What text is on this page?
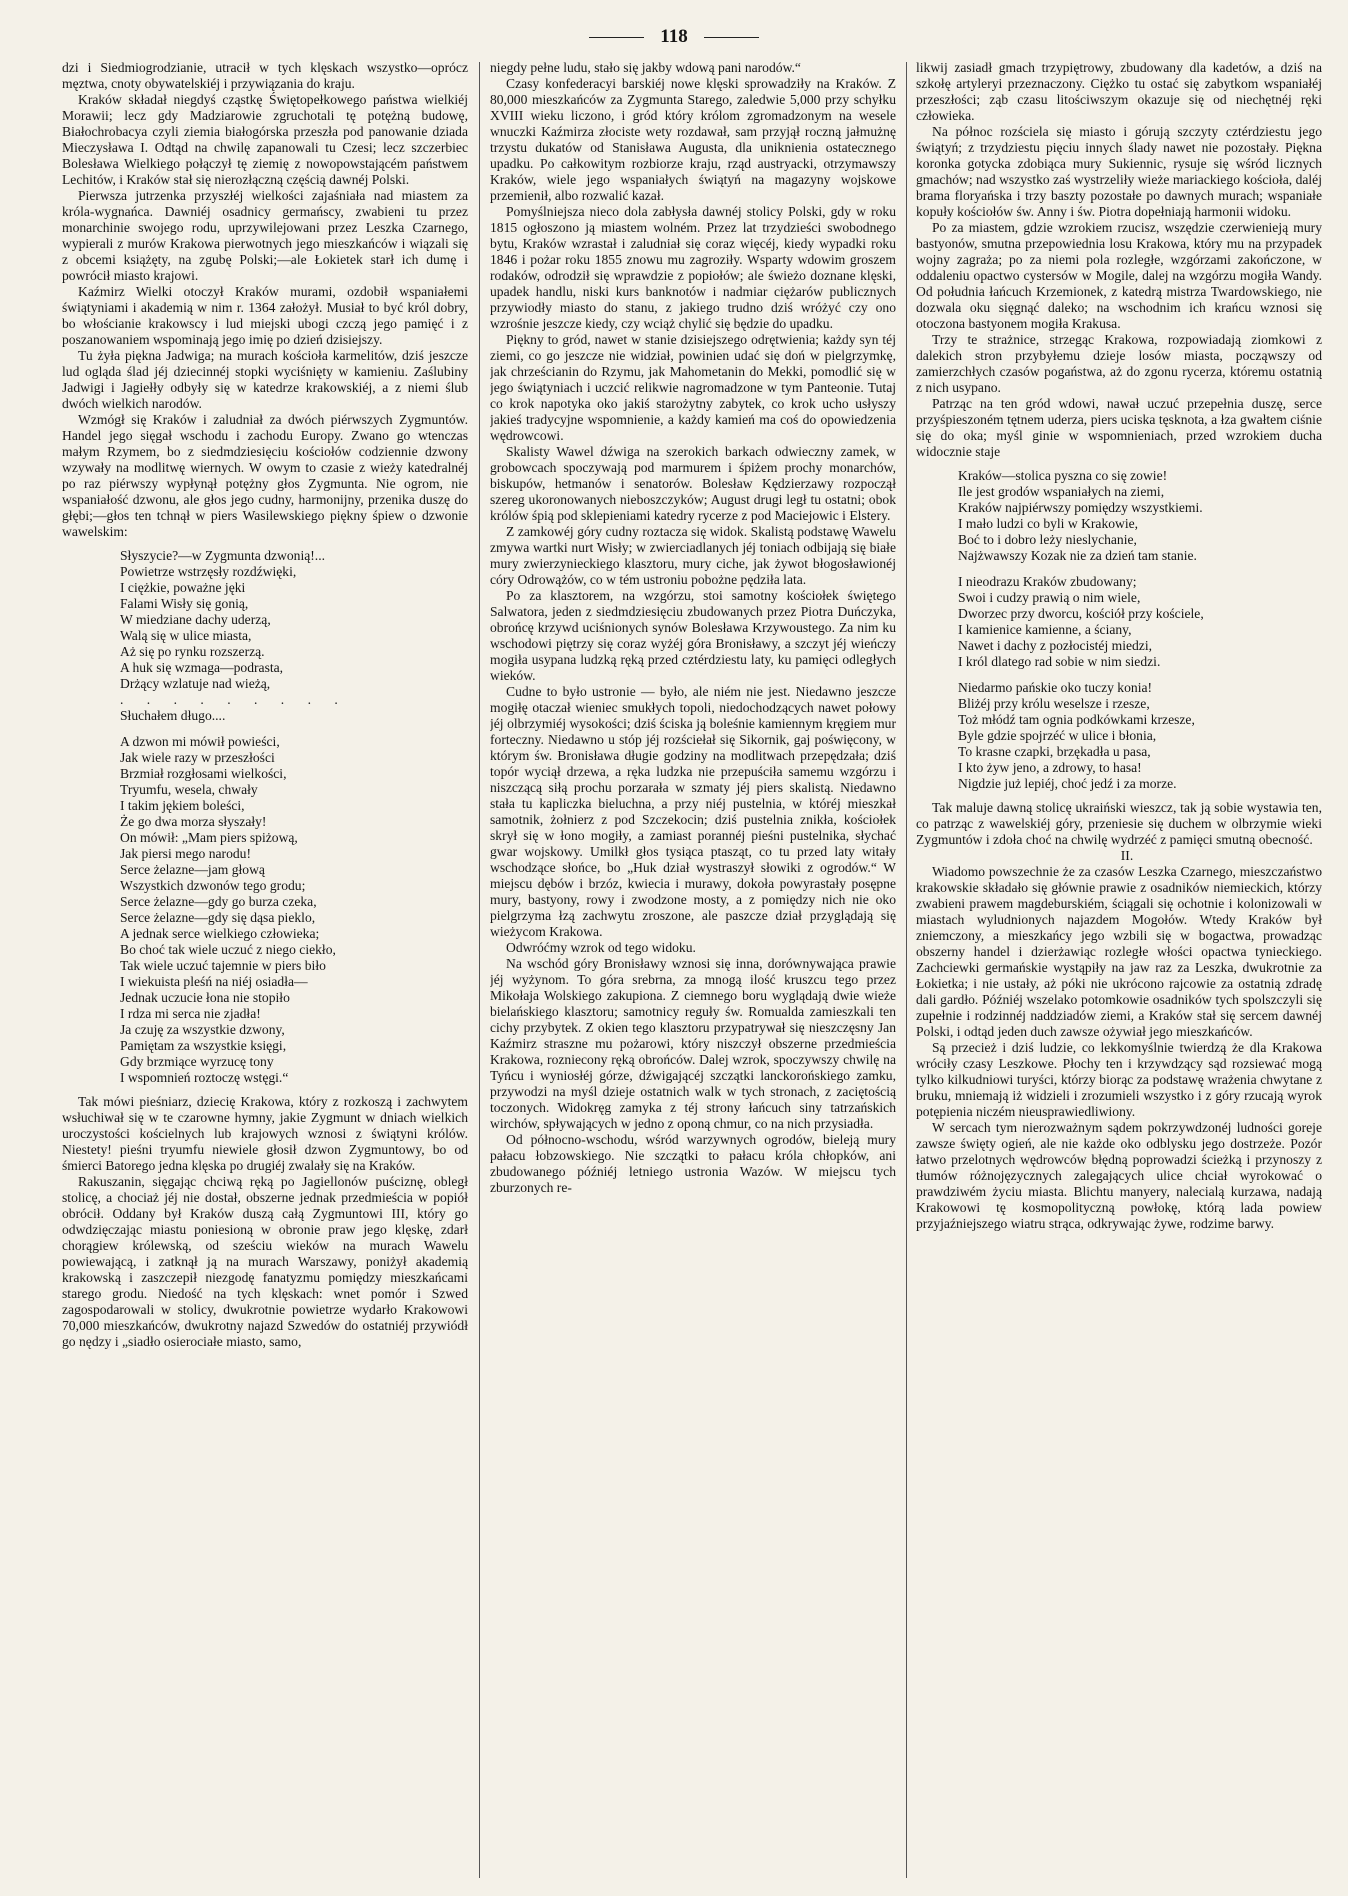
118

dzi i Siedmiogrodzianie, utracił w tych klęskach wszystko—oprócz męztwa, cnoty obywatelskiéj i przywiązania do kraju.

Kraków składał niegdyś cząstkę Świętopełkowego państwa wielkiéj Morawii; lecz gdy Madziarowie zgruchotali tę potężną budowę, Białochrobacya czyli ziemia białogórska przeszła pod panowanie dziada Mieczysława I. Odtąd na chwilę zapanowali tu Czesi; lecz szczerbiec Bolesława Wielkiego połączył tę ziemię z nowopowstającém państwem Lechitów, i Kraków stał się nierozłączną częścią dawnéj Polski.

Pierwsza jutrzenka przyszłéj wielkości zajaśniała nad miastem za króla-wygnańca. Dawniéj osadnicy germańscy, zwabieni tu przez monarchinie swojego rodu, uprzywilejowani przez Leszka Czarnego, wypierali z murów Krakowa pierwotnych jego mieszkańców i wiązali się z obcemi książęty, na zgubę Polski;—ale Łokietek starł ich dumę i powrócił miasto krajowi.

Kaźmirz Wielki otoczył Kraków murami, ozdobił wspaniałemi świątyniami i akademią w nim r. 1364 założył. Musiał to być król dobry, bo włościanie krakowscy i lud miejski ubogi czczą jego pamięć i z poszanowaniem wspominają jego imię po dzień dzisiejszy.

Tu żyła piękna Jadwiga; na murach kościoła karmelitów, dziś jeszcze lud ogląda ślad jéj dziecinnéj stopki wyciśnięty w kamieniu. Zaślubiny Jadwigi i Jagiełły odbyły się w katedrze krakowskiéj, a z niemi ślub dwóch wielkich narodów.

Wzmógł się Kraków i zaludniał za dwóch piérwszych Zygmuntów. Handel jego sięgał wschodu i zachodu Europy. Zwano go wtenczas małym Rzymem, bo z siedmdziesięciu kościołów codziennie dzwony wzywały na modlitwę wiernych. W owym to czasie z wieży katedralnéj po raz piérwszy wypłynął potężny głos Zygmunta. Nie ogrom, nie wspaniałość dzwonu, ale głos jego cudny, harmonijny, przenika duszę do głębi;—głos ten tchnął w piers Wasilewskiego piękny śpiew o dzwonie wawelskim:

Słyszycie?—w Zygmunta dzwonią!...
Powietrze wstrzęsły rozdźwięki,
I ciężkie, poważne jęki
Falami Wisły się gonią,
W miedziane dachy uderzą,
Walą się w ulice miasta,
Aż się po rynku rozszerzą.
A huk się wzmaga—podrasta,
Drżący wzlatuje nad wieżą,
. . . . . . . . .
Słuchałem długo....
A dzwon mi mówił powieści,
Jak wiele razy w przeszłości
Brzmiał rozgłosami wielkości,
Tryumfu, wesela, chwały
I takim jękiem boleści,
Że go dwa morza słyszały!
On mówił: „Mam piers spiżową,
Jak piersi mego narodu!
Serce żelazne—jam głową
Wszystkich dzwonów tego grodu;
Serce żelazne—gdy go burza czeka,
Serce żelazne—gdy się dąsa pieklo,
A jednak serce wielkiego człowieka;
Bo choć tak wiele uczuć z niego ciekło,
Tak wiele uczuć tajemnie w piers biło
I wiekuista pleśń na niéj osiadła—
Jednak uczucie łona nie stopiło
I rdza mi serca nie zjadła!
Ja czuję za wszystkie dzwony,
Pamiętam za wszystkie księgi,
Gdy brzmiące wyrzucę tony
I wspomnień roztoczę wstęgi.“

Tak mówi pieśniarz, dziecię Krakowa, który z rozkoszą i zachwytem wsłuchiwał się w te czarowne hymny, jakie Zygmunt w dniach wielkich uroczystości kościelnych lub krajowych wznosi z świątyni królów. Niestety! pieśni tryumfu niewiele głosił dzwon Zygmuntowy, bo od śmierci Batorego jedna klęska po drugiéj zwalały się na Kraków.

Rakuszanin, sięgając chciwą ręką po Jagiellonów puściznę, obległ stolicę, a chociaż jéj nie dostał, obszerne jednak przedmieścia w popiół obrócił. Oddany był Kraków duszą całą Zygmuntowi III, który go odwdzięczając miastu poniesioną w obronie praw jego klęskę, zdarł chorągiew królewską, od sześciu wieków na murach Wawelu powiewającą, i zatknął ją na murach Warszawy, poniżył akademią krakowską i zaszczepił niezgodę fanatyzmu pomiędzy mieszkańcami starego grodu. Niedość na tych klęskach: wnet pomór i Szwed zagospodarowali w stolicy, dwukrotnie powietrze wydarło Krakowowi 70,000 mieszkańców, dwukrotny najazd Szwedów do ostatniéj przywiódł go nędzy i „siadło osierociałe miasto, samo,

niegdy pełne ludu, stało się jakby wdową pani narodów.“

Czasy konfederacyi barskiéj nowe klęski sprowadziły na Kraków. Z 80,000 mieszkańców za Zygmunta Starego, zaledwie 5,000 przy schyłku XVIII wieku liczono, i gród który królom zgromadzonym na wesele wnuczki Kaźmirza złociste wety rozdawał, sam przyjął roczną jałmużnę trzystu dukatów od Stanisława Augusta, dla uniknienia ostatecznego upadku. Po całkowitym rozbiorze kraju, rząd austryacki, otrzymawszy Kraków, wiele jego wspaniałych świątyń na magazyny wojskowe przemienił, albo rozwalić kazał.

Pomyślniejsza nieco dola zabłysła dawnéj stolicy Polski, gdy w roku 1815 ogłoszono ją miastem wolném. Przez lat trzydzieści swobodnego bytu, Kraków wzrastał i zaludniał się coraz więcéj, kiedy wypadki roku 1846 i pożar roku 1855 znowu mu zagroziły. Wsparty wdowim groszem rodaków, odrodził się wprawdzie z popiołów; ale świeżo doznane klęski, upadek handlu, niski kurs banknotów i nadmiar ciężarów publicznych przywiodły miasto do stanu, z jakiego trudno dziś wróżyć czy ono wzrośnie jeszcze kiedy, czy wciąż chylić się będzie do upadku.

Piękny to gród, nawet w stanie dzisiejszego odrętwienia; każdy syn téj ziemi, co go jeszcze nie widział, powinien udać się doń w pielgrzymkę, jak chrześcianin do Rzymu, jak Mahometanin do Mekki, pomodlić się w jego świątyniach i uczcić relikwie nagromadzone w tym Panteonie. Tutaj co krok napotyka oko jakiś starożytny zabytek, co krok ucho usłyszy jakieś tradycyjne wspomnienie, a każdy kamień ma coś do opowiedzenia wędrowcowi.

Skalisty Wawel dźwiga na szerokich barkach odwieczny zamek, w grobowcach spoczywają pod marmurem i śpiżem prochy monarchów, biskupów, hetmanów i senatorów. Bolesław Kędzierzawy rozpoczął szereg ukoronowanych nieboszczyków; August drugi legł tu ostatni; obok królów śpią pod sklepieniami katedry rycerze z pod Maciejowic i Elstery.

Z zamkowéj góry cudny roztacza się widok. Skalistą podstawę Wawelu zmywa wartki nurt Wisły; w zwierciadlanych jéj toniach odbijają się białe mury zwierzynieckiego klasztoru, mury ciche, jak żywot błogosławionéj córy Odrowążów, co w tém ustroniu pobożne pędziła lata.

Po za klasztorem, na wzgórzu, stoi samotny kościołek świętego Salwatora, jeden z siedmdziesięciu zbudowanych przez Piotra Duńczyka, obrońcę krzywd uciśnionych synów Bolesława Krzywoustego. Za nim ku wschodowi piętrzy się coraz wyżéj góra Bronisławy, a szczyt jéj wieńczy mogiła usypana ludzką ręką przed cztérdziestu laty, ku pamięci odległych wieków.

Cudne to było ustronie — było, ale niém nie jest. Niedawno jeszcze mogiłę otaczał wieniec smukłych topoli, niedochodzących nawet połowy jéj olbrzymiéj wysokości; dziś ściska ją boleśnie kamiennym kręgiem mur forteczny. Niedawno u stóp jéj rozściełał się Sikornik, gaj poświęcony, w którym św. Bronisława długie godziny na modlitwach przepędzała; dziś topór wyciął drzewa, a ręka ludzka nie przepuściła samemu wzgórzu i niszczącą siłą prochu porzarała w szmaty jéj piers skalistą. Niedawno stała tu kapliczka bieluchna, a przy niéj pustelnia, w któréj mieszkał samotnik, żołnierz z pod Szczekocin; dziś pustelnia znikła, kościołek skrył się w łono mogiły, a zamiast porannéj pieśni pustelnika, słychać gwar wojskowy. Umilkł głos tysiąca ptasząt, co tu przed laty witały wschodzące słońce, bo „Huk dział wystraszył słowiki z ogrodów.“ W miejscu dębów i brzóz, kwiecia i murawy, dokoła powyrastały posępne mury, bastyony, rowy i zwodzone mosty, a z pomiędzy nich nie oko pielgrzyma łzą zachwytu zroszone, ale paszcze dział przyglądają się wieżycom Krakowa.

Odwróćmy wzrok od tego widoku.

Na wschód góry Bronisławy wznosi się inna, dorównywająca prawie jéj wyżynom. To góra srebrna, za mnogą ilość kruszcu tego przez Mikołaja Wolskiego zakupiona. Z ciemnego boru wyglądają dwie wieże bielańskiego klasztoru; samotnicy reguły św. Romualda zamieszkali ten cichy przybytek. Z okien tego klasztoru przypatrywał się nieszczęsny Jan Kaźmirz straszne mu pożarowi, który niszczył obszerne przedmieścia Krakowa, rozniecony ręką obrońców. Dalej wzrok, spoczywszy chwilę na Tyńcu i wyniosłéj górze, dźwigającéj szczątki lanckorońskiego zamku, przywodzi na myśl dzieje ostatnich walk w tych stronach, z zaciętością toczonych. Widokręg zamyka z téj strony łańcuch siny tatrzańskich wirchów, spływających w jedno z oponą chmur, co na nich przysiadła.

Od północno-wschodu, wśród warzywnych ogrodów, bieleją mury pałacu łobzowskiego. Nie szczątki to pałacu króla chłopków, ani zbudowanego późniéj letniego ustronia Wazów. W miejscu tych zburzonych re-

likwij zasiadł gmach trzypiętrowy, zbudowany dla kadetów, a dziś na szkołę artyleryi przeznaczony. Ciężko tu ostać się zabytkom wspaniałéj przeszłości; ząb czasu litościwszym okazuje się od niechętnéj ręki człowieka.

Na północ rozściela się miasto i górują szczyty cztérdziestu jego świątyń; z trzydziestu pięciu innych ślady nawet nie pozostały. Piękna koronka gotycka zdobiąca mury Sukiennic, rysuje się wśród licznych gmachów; nad wszystko zaś wystrzeliły wieże mariackiego kościoła, daléj brama floryańska i trzy baszty pozostałe po dawnych murach; wspaniałe kopuły kościołów św. Anny i św. Piotra dopełniają harmonii widoku.

Po za miastem, gdzie wzrokiem rzucisz, wszędzie czerwienieją mury bastyonów, smutna przepowiednia losu Krakowa, który mu na przypadek wojny zagraża; po za niemi pola rozległe, wzgórzami zakończone, w oddaleniu opactwo cystersów w Mogile, dalej na wzgórzu mogiła Wandy. Od południa łańcuch Krzemionek, z katedrą mistrza Twardowskiego, nie dozwala oku sięgnąć daleko; na wschodnim ich krańcu wznosi się otoczona bastyonem mogiła Krakusa.

Trzy te strażnice, strzegąc Krakowa, rozpowiadają ziomkowi z dalekich stron przybyłemu dzieje losów miasta, począwszy od zamierzchłych czasów pogaństwa, aż do zgonu rycerza, któremu ostatnią z nich usypano.

Patrząc na ten gród wdowi, nawał uczuć przepełnia duszę, serce przyśpieszoném tętnem uderza, piers uciska tęsknota, a łza gwałtem ciśnie się do oka; myśl ginie w wspomnieniach, przed wzrokiem ducha widocznie staje

Kraków—stolica pyszna co się zowie!
Ile jest grodów wspaniałych na ziemi,
Kraków najpiérwszy pomiędzy wszystkiemi.
I mało ludzi co byli w Krakowie,
Boć to i dobro leży nieslychanie,
Najżwawszy Kozak nie za dzień tam stanie.
I nieodrazu Kraków zbudowany;
Swoi i cudzy prawią o nim wiele,
Dworzec przy dworcu, kościół przy kościele,
I kamienice kamienne, a ściany,
Nawet i dachy z pozłocistéj miedzi,
I król dlatego rad sobie w nim siedzi.
Niedarmo pańskie oko tuczy konia!
Bliżéj przy królu weselsze i rzesze,
Toż młódź tam ognia podkówkami krzesze,
Byle gdzie spojrzéć w ulice i błonia,
To krasne czapki, brzękadła u pasa,
I kto żyw jeno, a zdrowy, to hasa!
Nigdzie już lepiéj, choć jedź i za morze.

Tak maluje dawną stolicę ukraiński wieszcz, tak ją sobie wystawia ten, co patrząc z wawelskiéj góry, przeniesie się duchem w olbrzymie wieki Zygmuntów i zdoła choć na chwilę wydrzéć z pamięci smutną obecność.

II.

Wiadomo powszechnie że za czasów Leszka Czarnego, mieszczaństwo krakowskie składało się głównie prawie z osadników niemieckich, którzy zwabieni prawem magdeburskiém, ściągali się ochotnie i kolonizowali w miastach wyludnionych najazdem Mogołów. Wtedy Kraków był zniemczony, a mieszkańcy jego wzbili się w bogactwa, prowadząc obszerny handel i dzierżawiąc rozległe włości opactwa tynieckiego. Zachciewki germańskie wystąpiły na jaw raz za Leszka, dwukrotnie za Łokietka; i nie ustały, aż póki nie ukrócono rajcowie za ostatnią zdradę dali gardło. Późniéj wszelako potomkowie osadników tych spolszczyli się zupełnie i rodzinnéj naddziadów ziemi, a Kraków stał się sercem dawnéj Polski, i odtąd jeden duch zawsze ożywiał jego mieszkańców.

Są przecież i dziś ludzie, co lekkomyślnie twierdzą że dla Krakowa wróciły czasy Leszkowe. Płochy ten i krzywdzący sąd rozsiewać mogą tylko kilkudniowi turyści, którzy biorąc za podstawę wrażenia chwytane z bruku, mniemają iż widzieli i zrozumieli wszystko i z góry rzucają wyrok potępienia niczém nieusprawiedliwiony.

W sercach tym nierozważnym sądem pokrzywdzonéj ludności goreje zawsze święty ogień, ale nie każde oko odblysku jego dostrzeże. Pozór łatwo przelotnych wędrowców błędną poprowadzi ścieżką i przynoszy z tłumów różnojęzycznych zalegających ulice chciał wyrokować o prawdziwém życiu miasta. Blichtu manyery, nalecialą kurzawa, nadają Krakowowi tę kosmopolityczną powłokę, którą lada powiew przyjaźniejszego wiatru strąca, odkrywając żywe, rodzime barwy.
